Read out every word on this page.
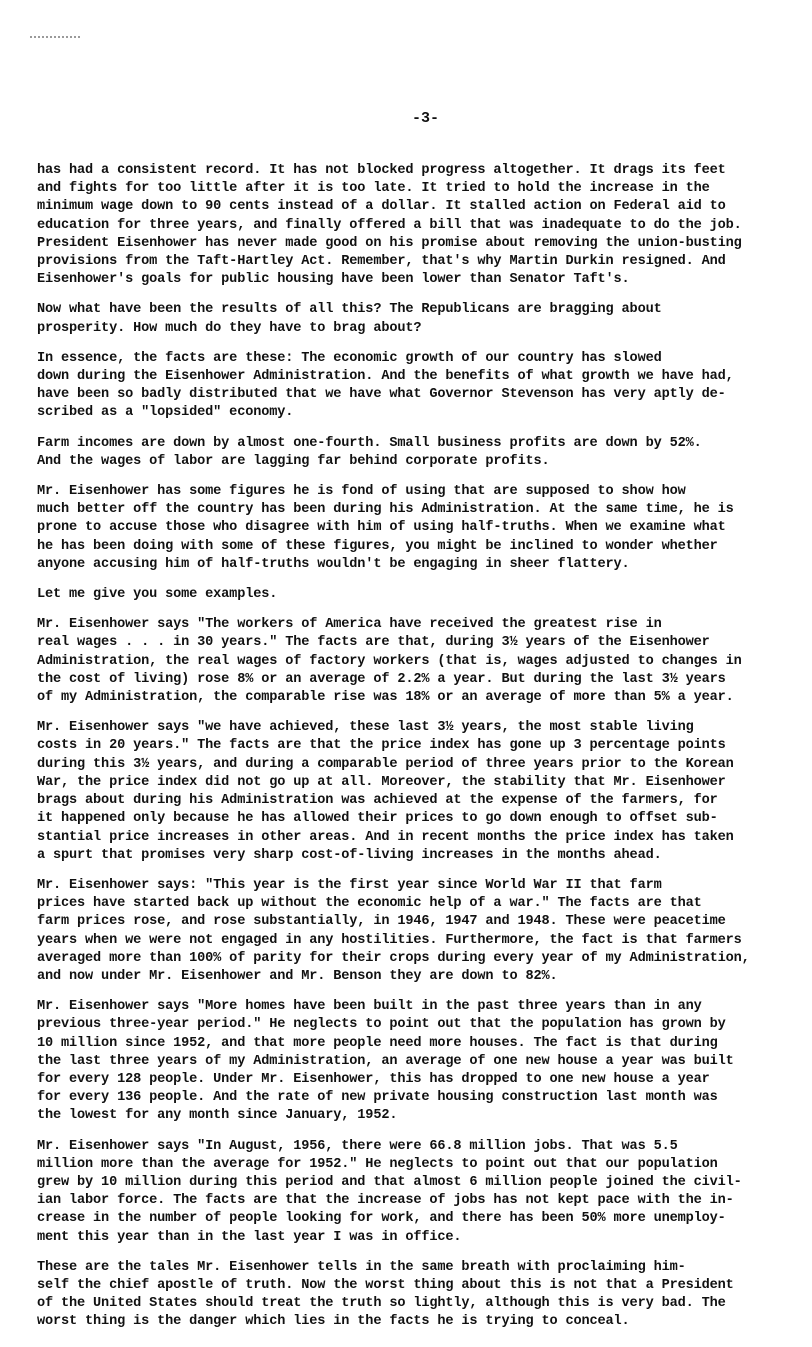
-3-

has had a consistent record. It has not blocked progress altogether. It drags its feet
and fights for too little after it is too late. It tried to hold the increase in the
minimum wage down to 90 cents instead of a dollar. It stalled action on Federal aid to
education for three years, and finally offered a bill that was inadequate to do the job.
President Eisenhower has never made good on his promise about removing the union-busting
provisions from the Taft-Hartley Act. Remember, that's why Martin Durkin resigned. And
Eisenhower's goals for public housing have been lower than Senator Taft's.

Now what have been the results of all this? The Republicans are bragging about
prosperity. How much do they have to brag about?

In essence, the facts are these: The economic growth of our country has slowed
down during the Eisenhower Administration. And the benefits of what growth we have had,
have been so badly distributed that we have what Governor Stevenson has very aptly de-
scribed as a "lopsided" economy.

Farm incomes are down by almost one-fourth. Small business profits are down by 52%.
And the wages of labor are lagging far behind corporate profits.

Mr. Eisenhower has some figures he is fond of using that are supposed to show how
much better off the country has been during his Administration. At the same time, he is
prone to accuse those who disagree with him of using half-truths. When we examine what
he has been doing with some of these figures, you might be inclined to wonder whether
anyone accusing him of half-truths wouldn't be engaging in sheer flattery.

Let me give you some examples.

Mr. Eisenhower says "The workers of America have received the greatest rise in
real wages . . . in 30 years." The facts are that, during 3½ years of the Eisenhower
Administration, the real wages of factory workers (that is, wages adjusted to changes in
the cost of living) rose 8% or an average of 2.2% a year. But during the last 3½ years
of my Administration, the comparable rise was 18% or an average of more than 5% a year.

Mr. Eisenhower says "we have achieved, these last 3½ years, the most stable living
costs in 20 years." The facts are that the price index has gone up 3 percentage points
during this 3½ years, and during a comparable period of three years prior to the Korean
War, the price index did not go up at all. Moreover, the stability that Mr. Eisenhower
brags about during his Administration was achieved at the expense of the farmers, for
it happened only because he has allowed their prices to go down enough to offset sub-
stantial price increases in other areas. And in recent months the price index has taken
a spurt that promises very sharp cost-of-living increases in the months ahead.

Mr. Eisenhower says: "This year is the first year since World War II that farm
prices have started back up without the economic help of a war." The facts are that
farm prices rose, and rose substantially, in 1946, 1947 and 1948. These were peacetime
years when we were not engaged in any hostilities. Furthermore, the fact is that farmers
averaged more than 100% of parity for their crops during every year of my Administration,
and now under Mr. Eisenhower and Mr. Benson they are down to 82%.

Mr. Eisenhower says "More homes have been built in the past three years than in any
previous three-year period." He neglects to point out that the population has grown by
10 million since 1952, and that more people need more houses. The fact is that during
the last three years of my Administration, an average of one new house a year was built
for every 128 people. Under Mr. Eisenhower, this has dropped to one new house a year
for every 136 people. And the rate of new private housing construction last month was
the lowest for any month since January, 1952.

Mr. Eisenhower says "In August, 1956, there were 66.8 million jobs. That was 5.5
million more than the average for 1952." He neglects to point out that our population
grew by 10 million during this period and that almost 6 million people joined the civil-
ian labor force. The facts are that the increase of jobs has not kept pace with the in-
crease in the number of people looking for work, and there has been 50% more unemploy-
ment this year than in the last year I was in office.

These are the tales Mr. Eisenhower tells in the same breath with proclaiming him-
self the chief apostle of truth. Now the worst thing about this is not that a President
of the United States should treat the truth so lightly, although this is very bad. The
worst thing is the danger which lies in the facts he is trying to conceal.
